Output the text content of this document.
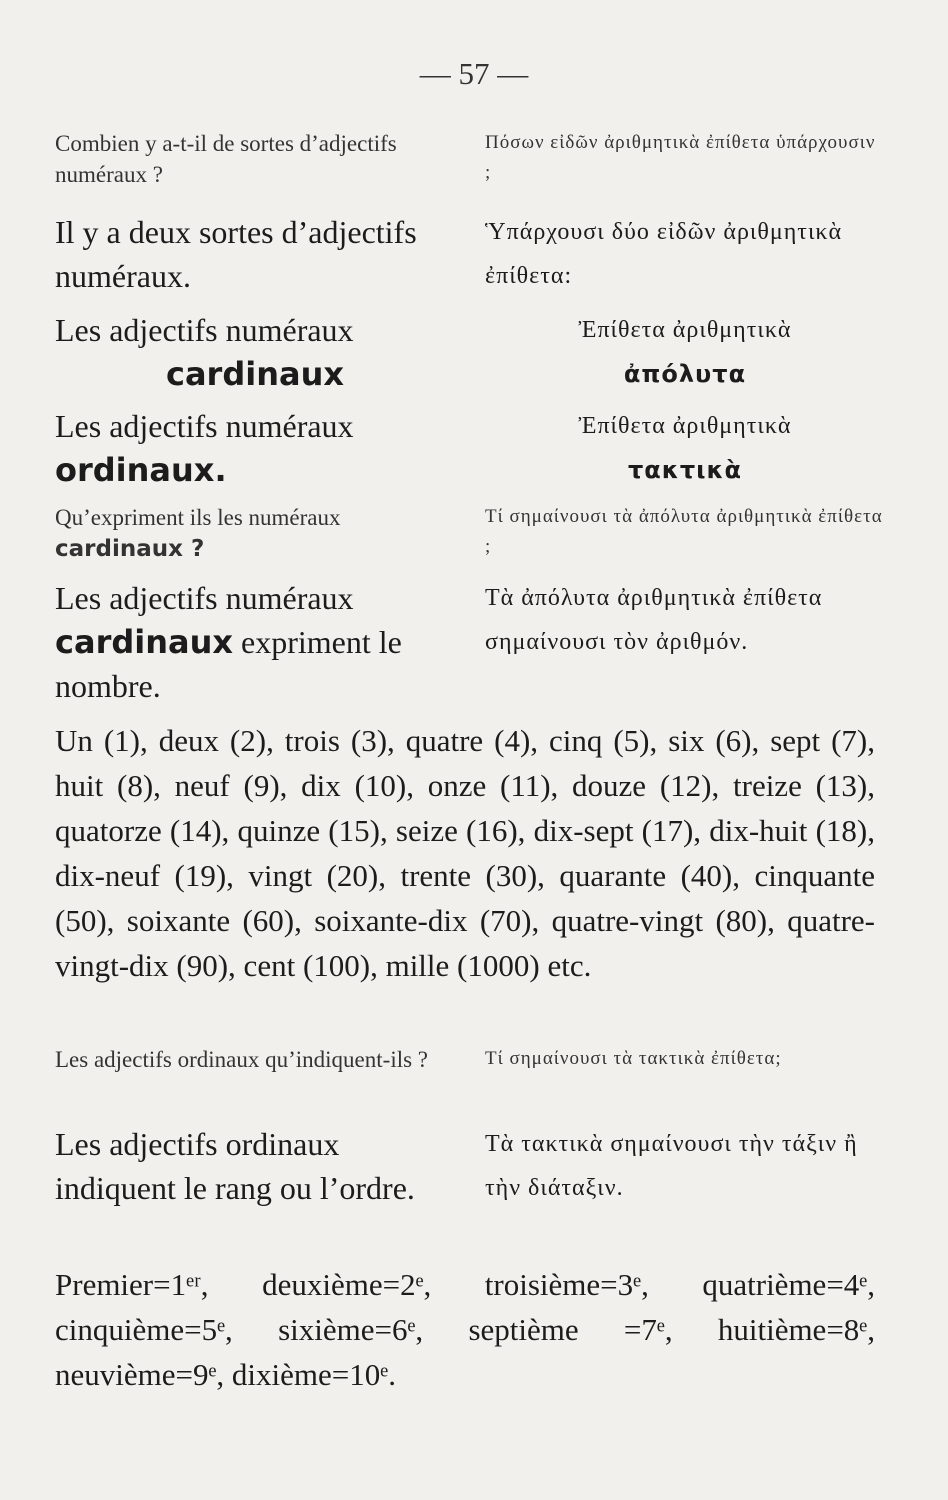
— 57 —
Combien y a-t-il de sortes d’adjectifs numéraux ?
Πόσων εἰδῶν ἀριθμητικὰ ἐπίθετα ὑπάρχουσιν ;
Il y a deux sortes d’adjectifs numéraux.
Ὑπάρχουσι δύο εἰδῶν ἀριθμητικὰ ἐπίθετα:
Les adjectifs numéraux
cardinaux
Ἐπίθετα ἀριθμητικὰ
ἀπόλυτα
Les adjectifs numéraux ordinaux.
Ἐπίθετα ἀριθμητικὰ
τακτικὰ
Qu’expriment ils les numéraux cardinaux ?
Τί σημαίνουσι τὰ ἀπόλυτα ἀριθμητικὰ ἐπίθετα ;
Les adjectifs numéraux cardinaux expriment le nombre.
Τὰ ἀπόλυτα ἀριθμητικὰ ἐπίθετα σημαίνουσι τὸν ἀριθμόν.
Un (1), deux (2), trois (3), quatre (4), cinq (5), six (6), sept (7), huit (8), neuf (9), dix (10), onze (11), douze (12), treize (13), quatorze (14), quinze (15), seize (16), dix-sept (17), dix-huit (18), dix-neuf (19), vingt (20), trente (30), quarante (40), cinquante (50), soixante (60), soixante-dix (70), quatre-vingt (80), quatre-vingt-dix (90), cent (100), mille (1000) etc.
Les adjectifs ordinaux qu’indiquent-ils ?	Τί σημαίνουσι τὰ τακτικὰ ἐπίθετα;
Les adjectifs ordinaux indiquent le rang ou l’ordre.
Τὰ τακτικὰ σημαίνουσι τὴν τάξιν ἢ τὴν διάταξιν.
Premier=1ᵉʳ, deuxième=2ᵉ, troisième=3ᵉ, quatrième=4ᵉ, cinquième=5ᵉ, sixième=6ᵉ, septième =7ᵉ, huitième=8ᵉ, neuvième=9ᵉ, dixième=10ᵉ.
